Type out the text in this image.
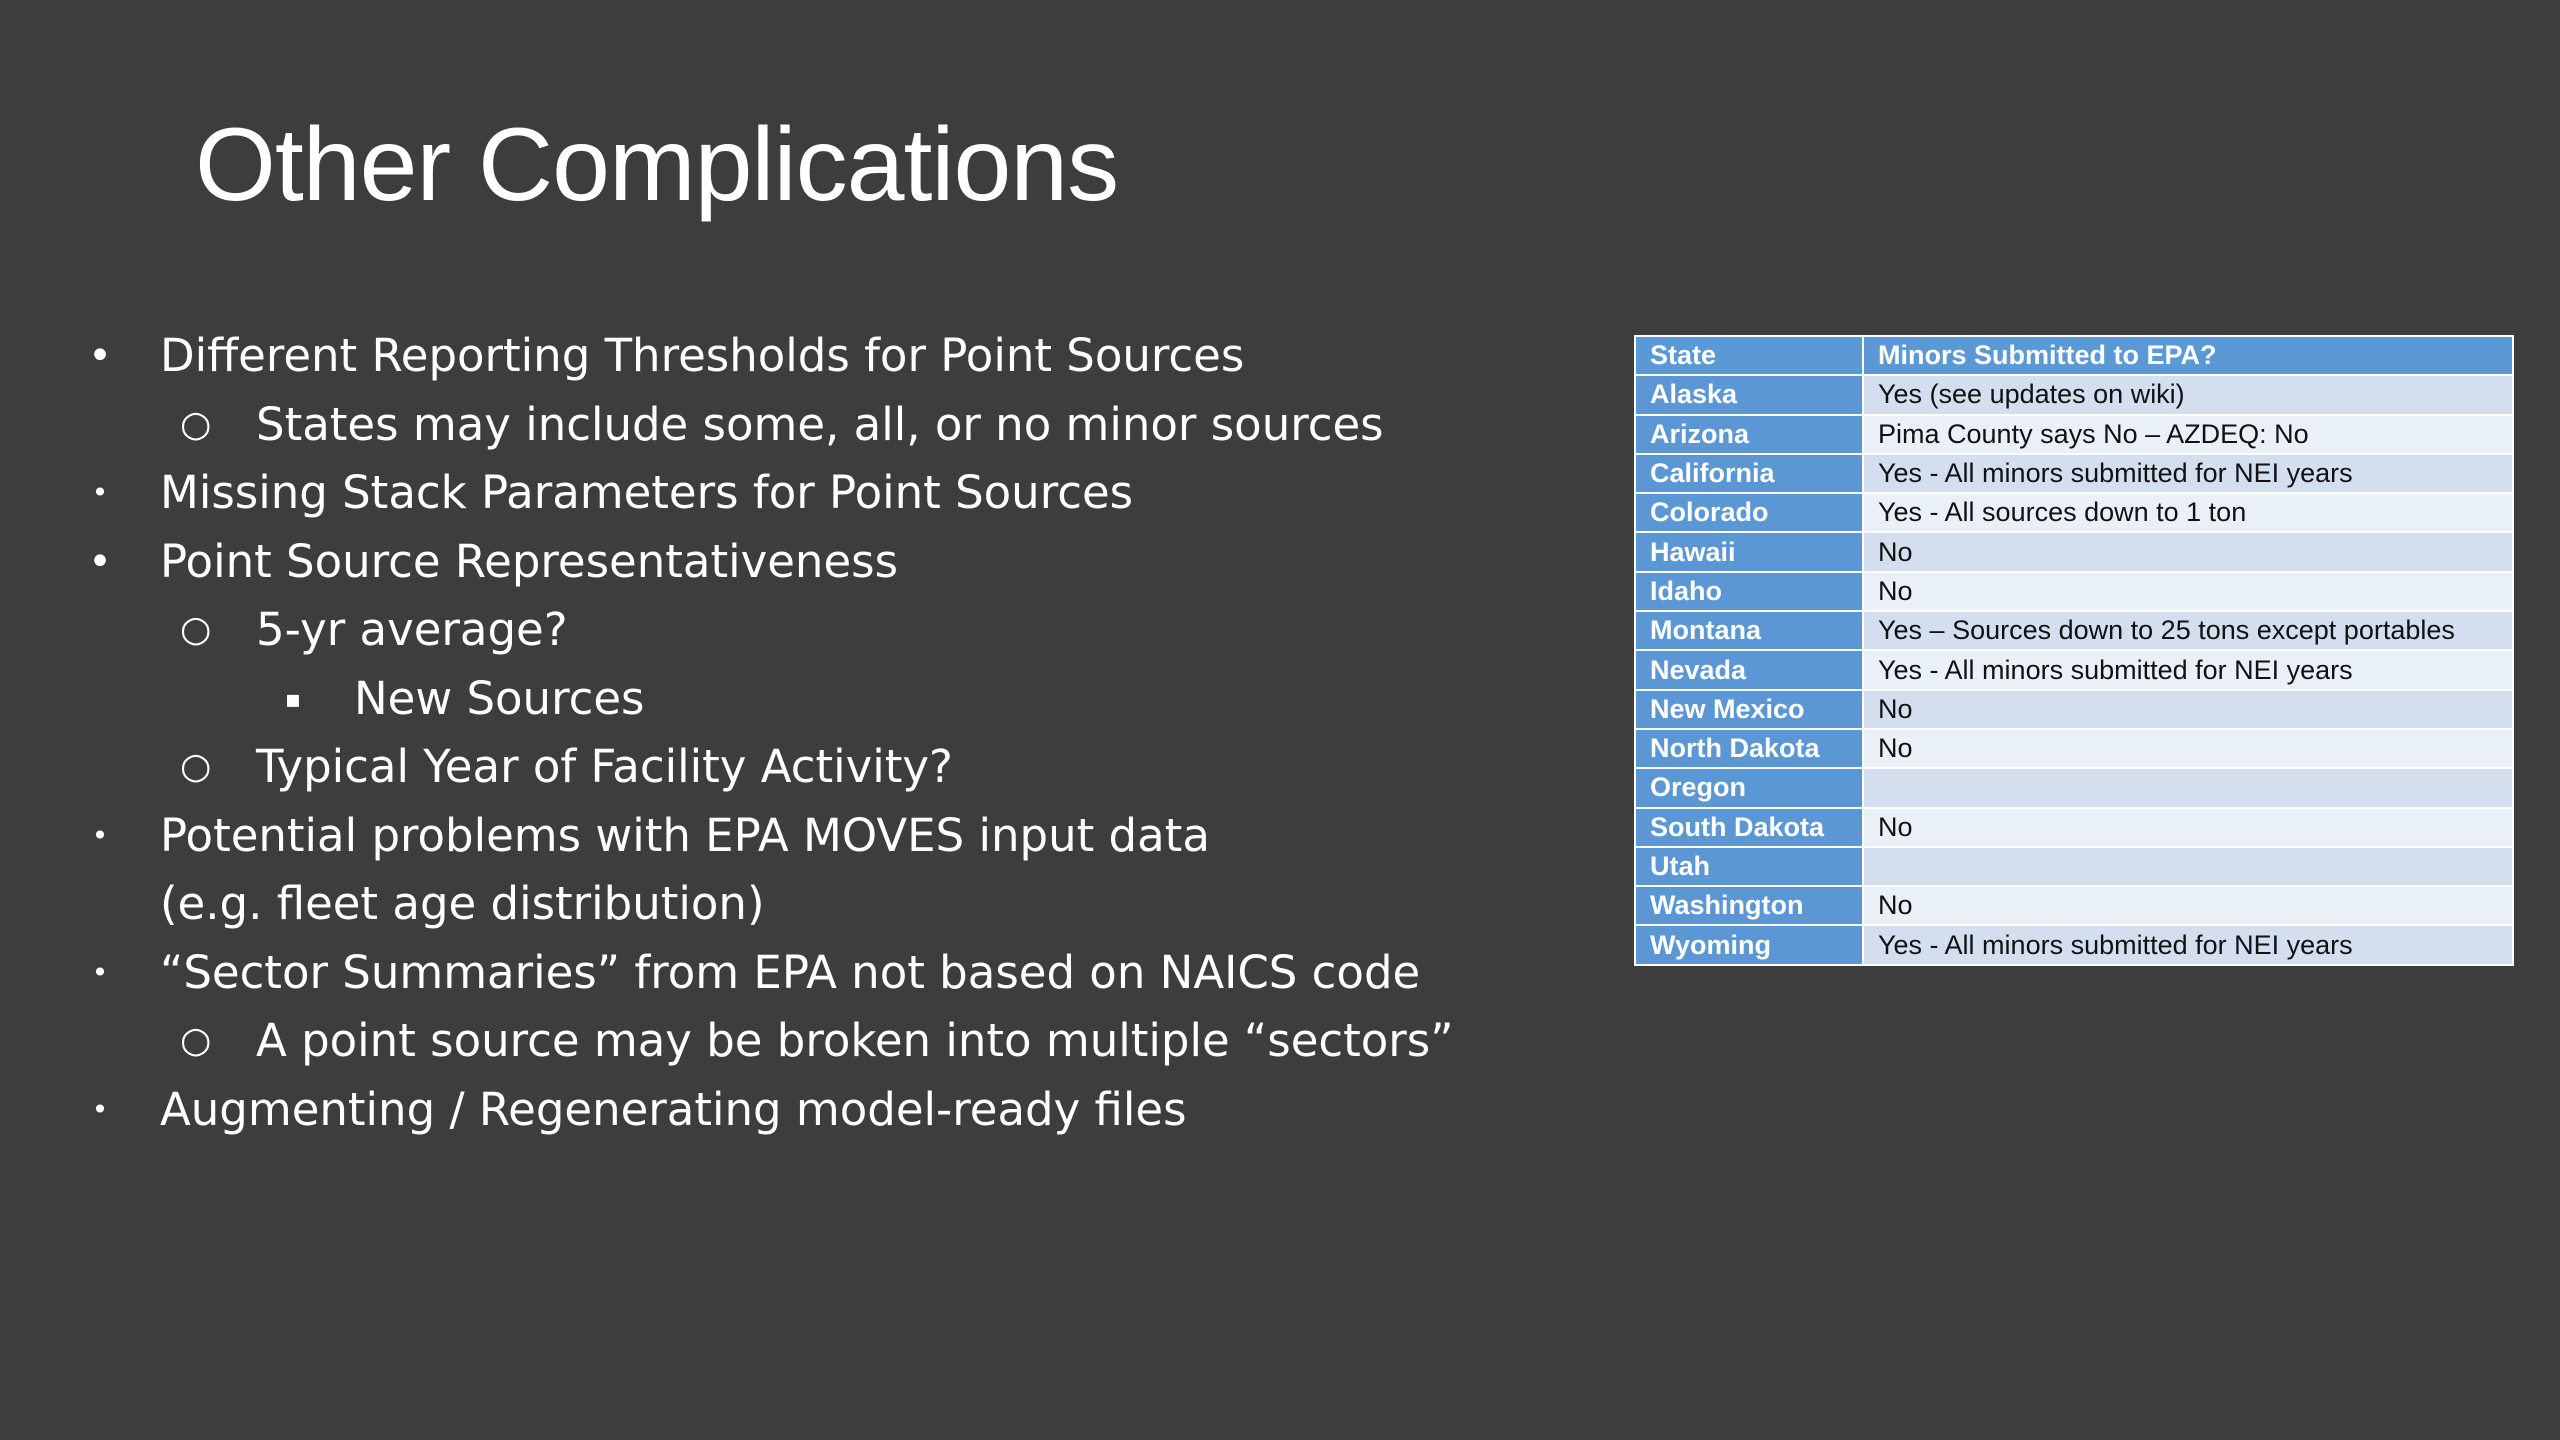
Other Complications
• Different Reporting Thresholds for Point Sources
○ States may include some, all, or no minor sources
• Missing Stack Parameters for Point Sources
• Point Source Representativeness
○ 5-yr average?
▪ New Sources
○ Typical Year of Facility Activity?
• Potential problems with EPA MOVES input data
(e.g. fleet age distribution)
• “Sector Summaries” from EPA not based on NAICS code
○ A point source may be broken into multiple “sectors”
• Augmenting / Regenerating model-ready files
State	Minors Submitted to EPA?
Alaska	Yes (see updates on wiki)
Arizona	Pima County says No – AZDEQ: No
California	Yes - All minors submitted for NEI years
Colorado	Yes - All sources down to 1 ton
Hawaii	No
Idaho	No
Montana	Yes – Sources down to 25 tons except portables
Nevada	Yes - All minors submitted for NEI years
New Mexico	No
North Dakota	No
Oregon	
South Dakota	No
Utah	
Washington	No
Wyoming	Yes - All minors submitted for NEI years
